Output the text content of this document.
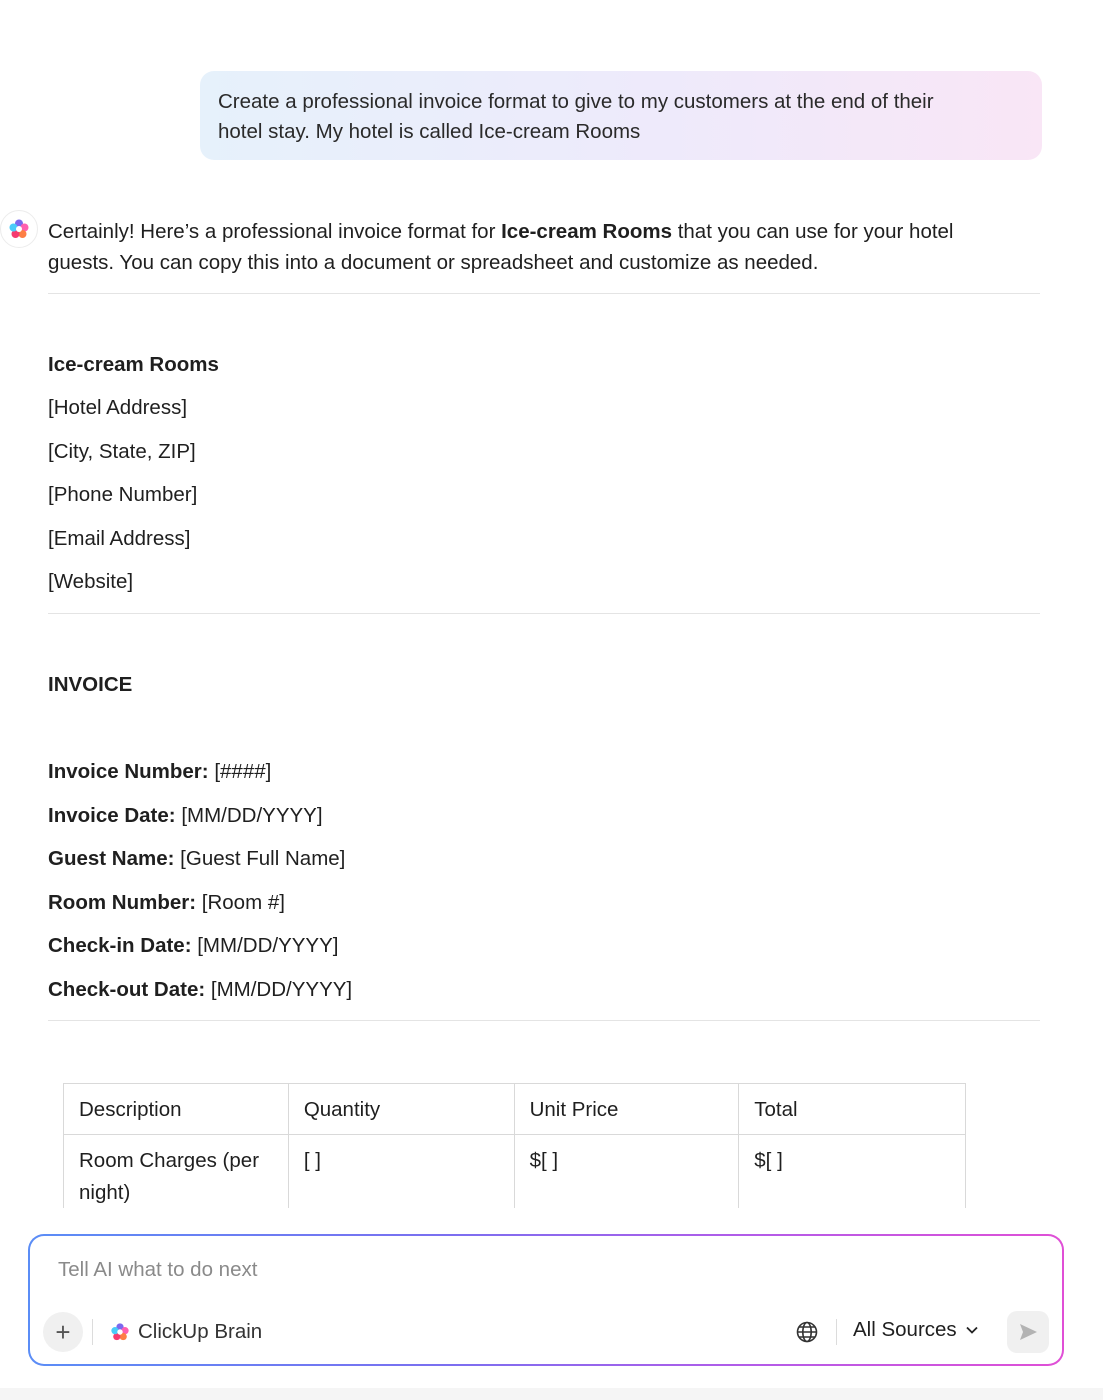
Create a professional invoice format to give to my customers at the end of their
hotel stay. My hotel is called Ice-cream Rooms
Certainly! Here’s a professional invoice format for Ice-cream Rooms that you can use for your hotel
guests. You can copy this into a document or spreadsheet and customize as needed.
Ice-cream Rooms
[Hotel Address]
[City, State, ZIP]
[Phone Number]
[Email Address]
[Website]
INVOICE
Invoice Number: [####]
Invoice Date: [MM/DD/YYYY]
Guest Name: [Guest Full Name]
Room Number: [Room #]
Check-in Date: [MM/DD/YYYY]
Check-out Date: [MM/DD/YYYY]
Description	Quantity	Unit Price	Total
Room Charges (per night)	[ ]	$[ ]	$[ ]
Tell AI what to do next
+	ClickUp Brain	All Sources
